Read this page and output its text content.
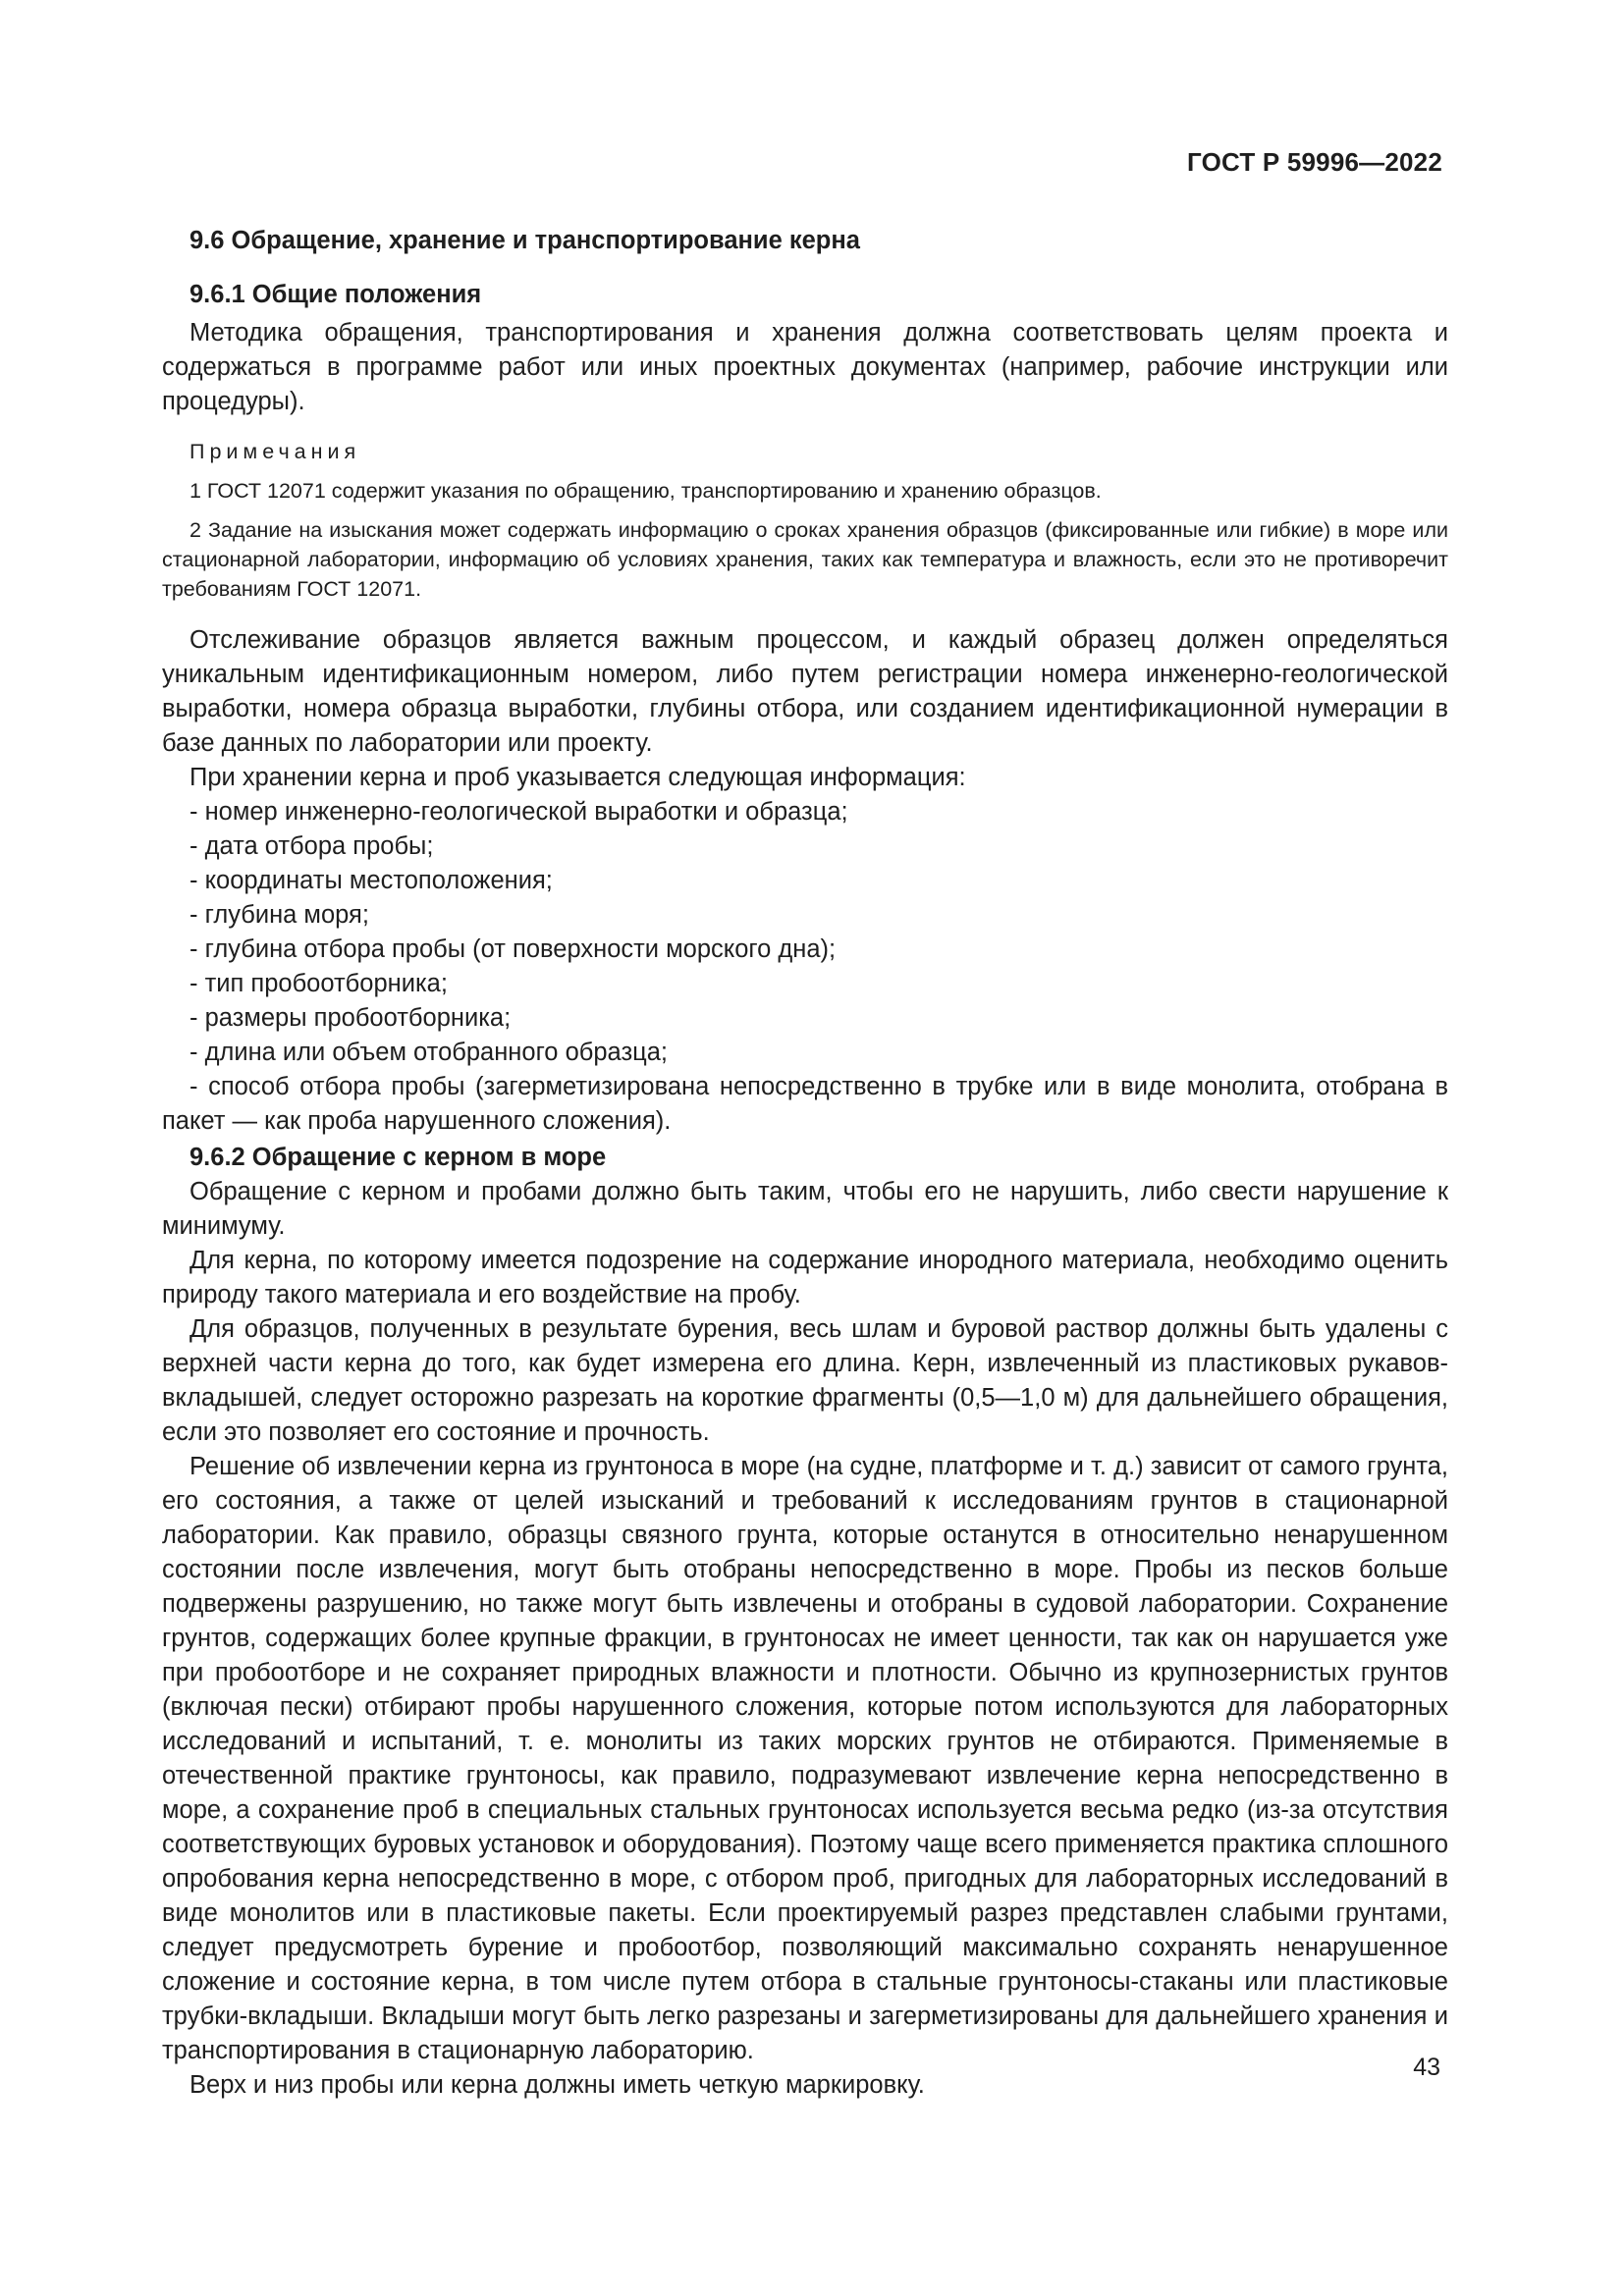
ГОСТ Р 59996—2022

9.6 Обращение, хранение и транспортирование керна

9.6.1 Общие положения

Методика обращения, транспортирования и хранения должна соответствовать целям проекта и содержаться в программе работ или иных проектных документах (например, рабочие инструкции или процедуры).

Примечания

1 ГОСТ 12071 содержит указания по обращению, транспортированию и хранению образцов.

2 Задание на изыскания может содержать информацию о сроках хранения образцов (фиксированные или гибкие) в море или стационарной лаборатории, информацию об условиях хранения, таких как температура и влажность, если это не противоречит требованиям ГОСТ 12071.

Отслеживание образцов является важным процессом, и каждый образец должен определяться уникальным идентификационным номером, либо путем регистрации номера инженерно-геологической выработки, номера образца выработки, глубины отбора, или созданием идентификационной нумерации в базе данных по лаборатории или проекту.

При хранении керна и проб указывается следующая информация:

- номер инженерно-геологической выработки и образца;
- дата отбора пробы;
- координаты местоположения;
- глубина моря;
- глубина отбора пробы (от поверхности морского дна);
- тип пробоотборника;
- размеры пробоотборника;
- длина или объем отобранного образца;
- способ отбора пробы (загерметизирована непосредственно в трубке или в виде монолита, отобрана в пакет — как проба нарушенного сложения).

9.6.2 Обращение с керном в море

Обращение с керном и пробами должно быть таким, чтобы его не нарушить, либо свести нарушение к минимуму.

Для керна, по которому имеется подозрение на содержание инородного материала, необходимо оценить природу такого материала и его воздействие на пробу.

Для образцов, полученных в результате бурения, весь шлам и буровой раствор должны быть удалены с верхней части керна до того, как будет измерена его длина. Керн, извлеченный из пластиковых рукавов-вкладышей, следует осторожно разрезать на короткие фрагменты (0,5—1,0 м) для дальнейшего обращения, если это позволяет его состояние и прочность.

Решение об извлечении керна из грунтоноса в море (на судне, платформе и т. д.) зависит от самого грунта, его состояния, а также от целей изысканий и требований к исследованиям грунтов в стационарной лаборатории. Как правило, образцы связного грунта, которые останутся в относительно ненарушенном состоянии после извлечения, могут быть отобраны непосредственно в море. Пробы из песков больше подвержены разрушению, но также могут быть извлечены и отобраны в судовой лаборатории. Сохранение грунтов, содержащих более крупные фракции, в грунтоносах не имеет ценности, так как он нарушается уже при пробоотборе и не сохраняет природных влажности и плотности. Обычно из крупнозернистых грунтов (включая пески) отбирают пробы нарушенного сложения, которые потом используются для лабораторных исследований и испытаний, т. е. монолиты из таких морских грунтов не отбираются. Применяемые в отечественной практике грунтоносы, как правило, подразумевают извлечение керна непосредственно в море, а сохранение проб в специальных стальных грунтоносах используется весьма редко (из-за отсутствия соответствующих буровых установок и оборудования). Поэтому чаще всего применяется практика сплошного опробования керна непосредственно в море, с отбором проб, пригодных для лабораторных исследований в виде монолитов или в пластиковые пакеты. Если проектируемый разрез представлен слабыми грунтами, следует предусмотреть бурение и пробоотбор, позволяющий максимально сохранять ненарушенное сложение и состояние керна, в том числе путем отбора в стальные грунтоносы-стаканы или пластиковые трубки-вкладыши. Вкладыши могут быть легко разрезаны и загерметизированы для дальнейшего хранения и транспортирования в стационарную лабораторию.

Верх и низ пробы или керна должны иметь четкую маркировку.

43
